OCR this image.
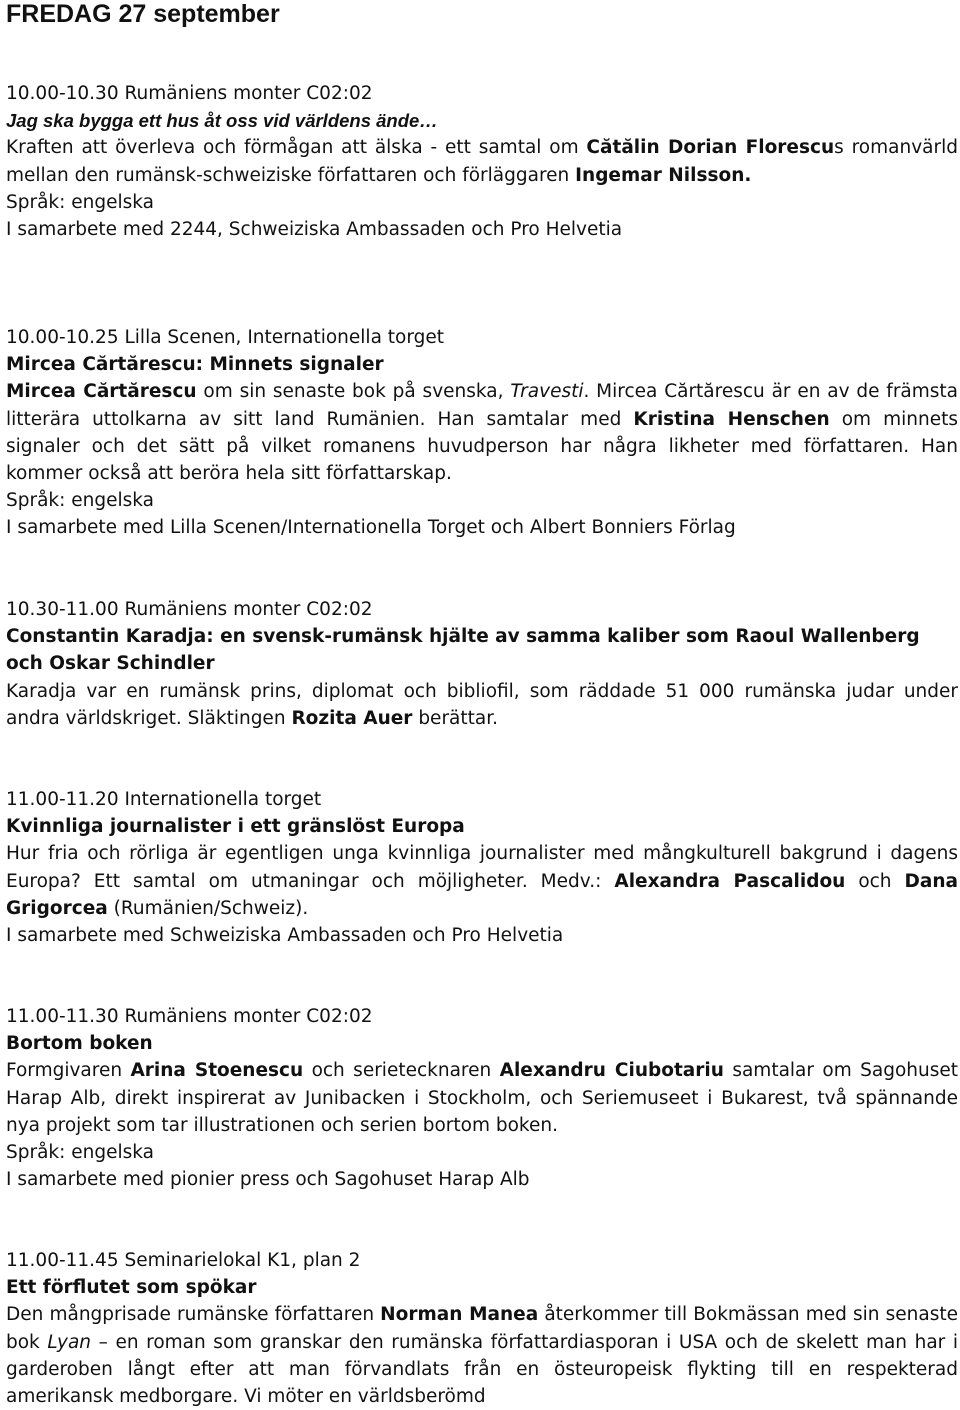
FREDAG 27 september

10.00-10.30 Rumäniens monter C02:02

Jag ska bygga ett hus åt oss vid världens ände…

Kraften att överleva och förmågan att älska - ett samtal om Cătălin Dorian Florescus romanvärld mellan den rumänsk-schweiziske författaren och förläggaren Ingemar Nilsson.

Språk: engelska

I samarbete med 2244, Schweiziska Ambassaden och Pro Helvetia

10.00-10.25 Lilla Scenen, Internationella torget

Mircea Cărtărescu: Minnets signaler

Mircea Cărtărescu om sin senaste bok på svenska, Travesti. Mircea Cărtărescu är en av de främsta litterära uttolkarna av sitt land Rumänien. Han samtalar med Kristina Henschen om minnets signaler och det sätt på vilket romanens huvudperson har några likheter med författaren. Han kommer också att beröra hela sitt författarskap.

Språk: engelska

I samarbete med Lilla Scenen/Internationella Torget och Albert Bonniers Förlag

10.30-11.00 Rumäniens monter C02:02

Constantin Karadja: en svensk-rumänsk hjälte av samma kaliber som Raoul Wallenberg och Oskar Schindler

Karadja var en rumänsk prins, diplomat och bibliofil, som räddade 51 000 rumänska judar under andra världskriget. Släktingen Rozita Auer berättar.

11.00-11.20 Internationella torget

Kvinnliga journalister i ett gränslöst Europa

Hur fria och rörliga är egentligen unga kvinnliga journalister med mångkulturell bakgrund i dagens Europa? Ett samtal om utmaningar och möjligheter. Medv.: Alexandra Pascalidou och Dana Grigorcea (Rumänien/Schweiz).

I samarbete med Schweiziska Ambassaden och Pro Helvetia

11.00-11.30 Rumäniens monter C02:02

Bortom boken

Formgivaren Arina Stoenescu och serietecknaren Alexandru Ciubotariu samtalar om Sagohuset Harap Alb, direkt inspirerat av Junibacken i Stockholm, och Seriemuseet i Bukarest, två spännande nya projekt som tar illustrationen och serien bortom boken.

Språk: engelska

I samarbete med pionier press och Sagohuset Harap Alb

11.00-11.45 Seminarielokal K1, plan 2

Ett förflutet som spökar

Den mångprisade rumänske författaren Norman Manea återkommer till Bokmässan med sin senaste bok Lyan – en roman som granskar den rumänska författardiasporan i USA och de skelett man har i garderoben långt efter att man förvandlats från en östeuropeisk flykting till en respekterad amerikansk medborgare. Vi möter en världsberömd
